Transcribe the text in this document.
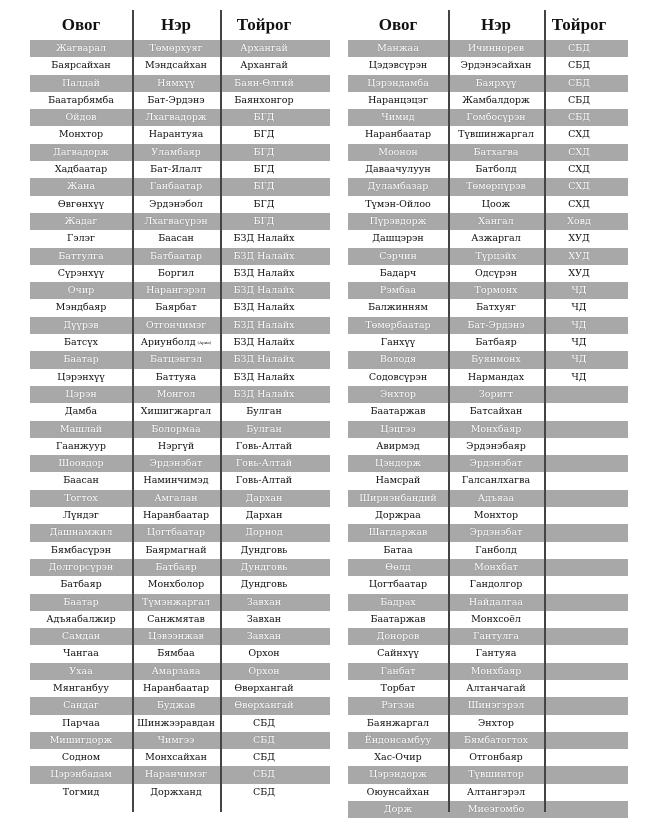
Овог	Нэр	Тойрог
Жагварал	Төмөрхуяг	Архангай
Баярсайхан	Мэндсайхан	Архангай
Палдай	Нямхүү	Баян-Өлгий
Баатарбямба	Бат-Эрдэнэ	Баянхонгор
Ойдов	Лхагвадорж	БГД
Монхтор	Нарантуяа	БГД
Дагвадорж	Уламбаяр	БГД
Хадбаатар	Бат-Ялалт	БГД
Жана	Ганбаатар	БГД
Өвгөнхүү	Эрдэнэбол	БГД
Жадаг	Лхагвасүрэн	БГД
Гэлэг	Баасан	БЗД Налайх
Баттулга	Батбаатар	БЗД Налайх
Сүрэнхүү	Боргил	БЗД Налайх
Очир	Нарангэрэл	БЗД Налайх
Мэндбаяр	Баярбат	БЗД Налайх
Дүүрэв	Отгончимэг	БЗД Налайх
Батсүх	Ариунболд (Ариа)	БЗД Налайх
Баатар	Батцэнгэл	БЗД Налайх
Цэрэнхүү	Баттуяа	БЗД Налайх
Цэрэн	Монгол	БЗД Налайх
Дамба	Хишигжаргал	Булган
Машлай	Болормаа	Булган
Гаанжуур	Нэргүй	Говь-Алтай
Шоовдор	Эрдэнэбат	Говь-Алтай
Баасан	Наминчимэд	Говь-Алтай
Тогтох	Амгалан	Дархан
Лүндэг	Наранбаатар	Дархан
Дашнамжил	Цогтбаатар	Дорнод
Бямбасүрэн	Баярмагнай	Дундговь
Долгорсүрэн	Батбаяр	Дундговь
Батбаяр	Монхболор	Дундговь
Баатар	Түмэнжаргал	Завхан
Адъяабалжир	Санжмятав	Завхан
Самдан	Цэвээнжав	Завхан
Чангаа	Бямбаа	Орхон
Ухаа	Амарзаяа	Орхон
Мянганбуу	Наранбаатар	Өвөрхангай
Сандаг	Буджав	Өвөрхангай
Парчаа	Шинжээравдан	СБД
Мишигдорж	Чимгээ	СБД
Содном	Монхсайхан	СБД
Цэрэнбадам	Наранчимэг	СБД
Тогмид	Доржханд	СБД
Овог	Нэр	Тойрог
Манжаа	Ичиннорев	СБД
Цэдэвсүрэн	Эрдэнэсайхан	СБД
Цэрэндамба	Баярхүү	СБД
Наранцэцэг	Жамбалдорж	СБД
Чимид	Гомбосүрэн	СБД
Наранбаатар	Түвшинжаргал	СХД
Моонон	Батхагва	СХД
Даваачулуун	Батболд	СХД
Дуламбазар	Төмөрпүрэв	СХД
Түмэн-Ойлоо	Цоож	СХД
Пүрэвдорж	Хангал	Ховд
Дашцэрэн	Азжаргал	ХУД
Сэрчин	Түрцэйх	ХУД
Бадарч	Одсүрэн	ХУД
Рэмбаа	Тормонх	ЧД
Балжинням	Батхуяг	ЧД
Төмөрбаатар	Бат-Эрдэнэ	ЧД
Ганхүү	Батбаяр	ЧД
Володя	Буянмонх	ЧД
Содовсүрэн	Нармандах	ЧД
Энхтор	Зоригт
Баатаржав	Батсайхан
Цэцгээ	Монхбаяр
Авирмэд	Эрдэнэбаяр
Цэндорж	Эрдэнэбат
Намсрай	Галсанлхагва
Ширнэнбандий	Адъяаа
Доржраа	Монхтор
Шагдаржав	Эрдэнэбат
Батаа	Ганболд
Өөлд	Монхбат
Цогтбаатар	Гандолгор
Бадрах	Найдалгаа
Баатаржав	Монхсоёл
Доноров	Гантулга
Сайнхүү	Гантуяа
Ганбат	Монхбаяр
Торбат	Алтанчагай
Рэгзэн	Шинэгэрэл
Баянжаргал	Энхтор
Ёндонсамбуу	Бямбатогтох
Хас-Очир	Отгонбаяр
Цэрэндорж	Түвшинтор
Оюунсайхан	Алтангэрэл
Дорж	Миеэгомбо
